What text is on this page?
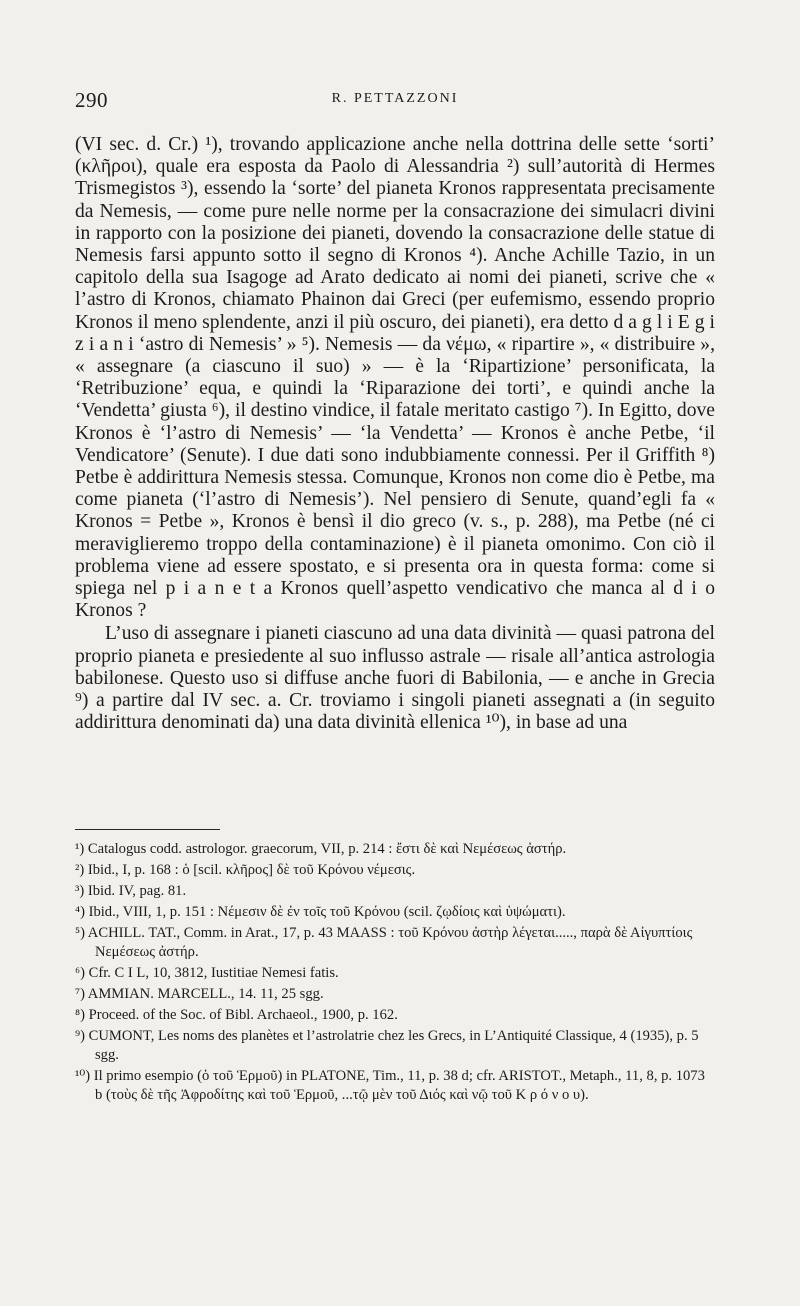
290	R. PETTAZZONI

(VI sec. d. Cr.) ¹), trovando applicazione anche nella dottrina delle sette ‘sorti’ (κλῆροι), quale era esposta da Paolo di Alessandria ²) sull’autorità di Hermes Trismegistos ³), essendo la ‘sorte’ del pianeta Kronos rappresentata precisamente da Nemesis, — come pure nelle norme per la consacrazione dei simulacri divini in rapporto con la posizione dei pianeti, dovendo la consacrazione delle statue di Nemesis farsi appunto sotto il segno di Kronos ⁴). Anche Achille Tazio, in un capitolo della sua Isagoge ad Arato dedicato ai nomi dei pianeti, scrive che « l’astro di Kronos, chiamato Phainon dai Greci (per eufemismo, essendo proprio Kronos il meno splendente, anzi il più oscuro, dei pianeti), era detto d a g l i E g i z i a n i ‘astro di Nemesis’ » ⁵). Nemesis — da νέμω, « ripartire », « distribuire », « assegnare (a ciascuno il suo) » — è la ‘Ripartizione’ personificata, la ‘Retribuzione’ equa, e quindi la ‘Riparazione dei torti’, e quindi anche la ‘Vendetta’ giusta ⁶), il destino vindice, il fatale meritato castigo ⁷). In Egitto, dove Kronos è ‘l’astro di Nemesis’ — ‘la Vendetta’ — Kronos è anche Petbe, ‘il Vendicatore’ (Senute). I due dati sono indubbiamente connessi. Per il Griffith ⁸) Petbe è addirittura Nemesis stessa. Comunque, Kronos non come dio è Petbe, ma come pianeta (‘l’astro di Nemesis’). Nel pensiero di Senute, quand’egli fa « Kronos = Petbe », Kronos è bensì il dio greco (v. s., p. 288), ma Petbe (né ci meraviglieremo troppo della contaminazione) è il pianeta omonimo. Con ciò il problema viene ad essere spostato, e si presenta ora in questa forma: come si spiega nel p i a n e t a Kronos quell’aspetto vendicativo che manca al d i o Kronos ?

L’uso di assegnare i pianeti ciascuno ad una data divinità — quasi patrona del proprio pianeta e presiedente al suo influsso astrale — risale all’antica astrologia babilonese. Questo uso si diffuse anche fuori di Babilonia, — e anche in Grecia ⁹) a partire dal IV sec. a. Cr. troviamo i singoli pianeti assegnati a (in seguito addirittura denominati da) una data divinità ellenica ¹⁰), in base ad una

¹) Catalogus codd. astrologor. graecorum, VII, p. 214 : ἔστι δὲ καὶ Νεμέσεως ἀστήρ.

²) Ibid., I, p. 168 : ὁ [scil. κλῆρος] δὲ τοῦ Κρόνου νέμεσις.

³) Ibid. IV, pag. 81.

⁴) Ibid., VIII, 1, p. 151 : Νέμεσιν δὲ ἐν τοῖς τοῦ Κρόνου (scil. ζῳδίοις καὶ ὑψώματι).

⁵) ACHILL. TAT., Comm. in Arat., 17, p. 43 MAASS : τοῦ Κρόνου ἀστὴρ λέγεται....., παρὰ δὲ Αἰγυπτίοις Νεμέσεως ἀστήρ.

⁶) Cfr. C I L, 10, 3812, Iustitiae Nemesi fatis.

⁷) AMMIAN. MARCELL., 14. 11, 25 sgg.

⁸) Proceed. of the Soc. of Bibl. Archaeol., 1900, p. 162.

⁹) CUMONT, Les noms des planètes et l’astrolatrie chez les Grecs, in L’Antiquité Classique, 4 (1935), p. 5 sgg.

¹⁰) Il primo esempio (ὁ τοῦ Ἑρμοῦ) in PLATONE, Tim., 11, p. 38 d; cfr. ARISTOT., Metaph., 11, 8, p. 1073 b (τοὺς δὲ τῆς Ἀφροδίτης καὶ τοῦ Ἑρμοῦ, ...τῷ μὲν τοῦ Διός καὶ νῷ τοῦ Κ ρ ό ν ο υ).
